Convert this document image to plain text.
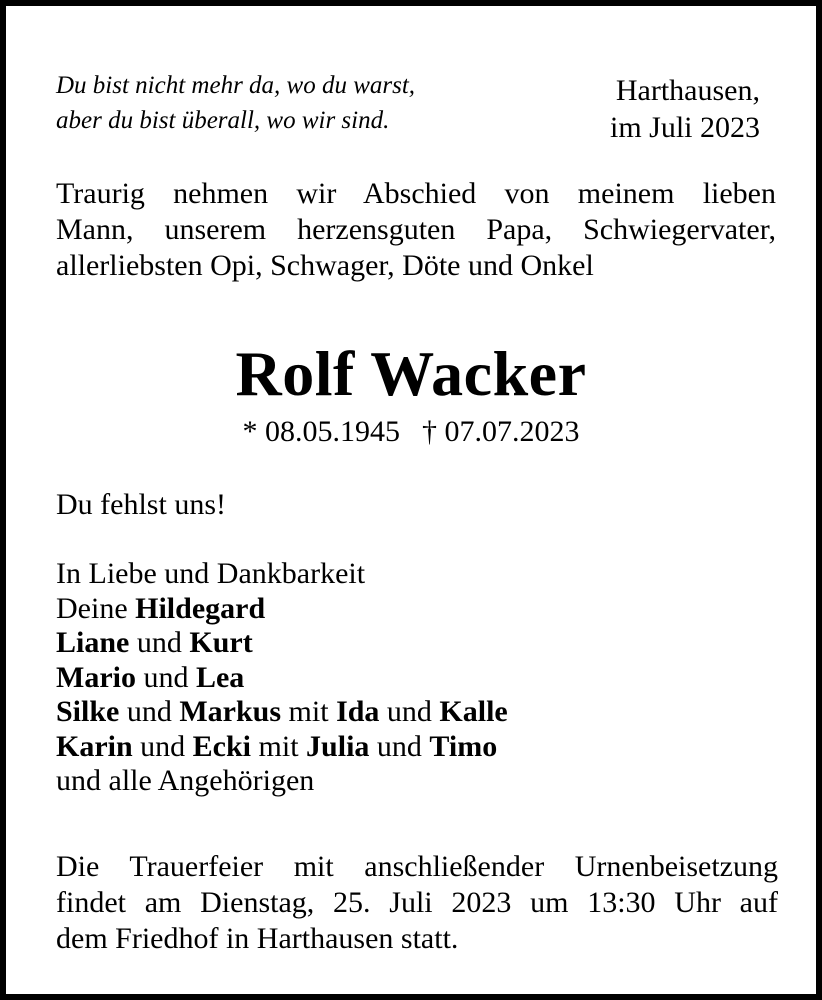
Du bist nicht mehr da, wo du warst,
aber du bist überall, wo wir sind.
Harthausen,
im Juli 2023
Traurig nehmen wir Abschied von meinem lieben
Mann, unserem herzensguten Papa, Schwiegervater,
allerliebsten Opi, Schwager, Döte und Onkel
Rolf Wacker
* 08.05.1945 † 07.07.2023
Du fehlst uns!
In Liebe und Dankbarkeit
Deine Hildegard
Liane und Kurt
Mario und Lea
Silke und Markus mit Ida und Kalle
Karin und Ecki mit Julia und Timo
und alle Angehörigen
Die Trauerfeier mit anschließender Urnenbeisetzung
findet am Dienstag, 25. Juli 2023 um 13:30 Uhr auf
dem Friedhof in Harthausen statt.
